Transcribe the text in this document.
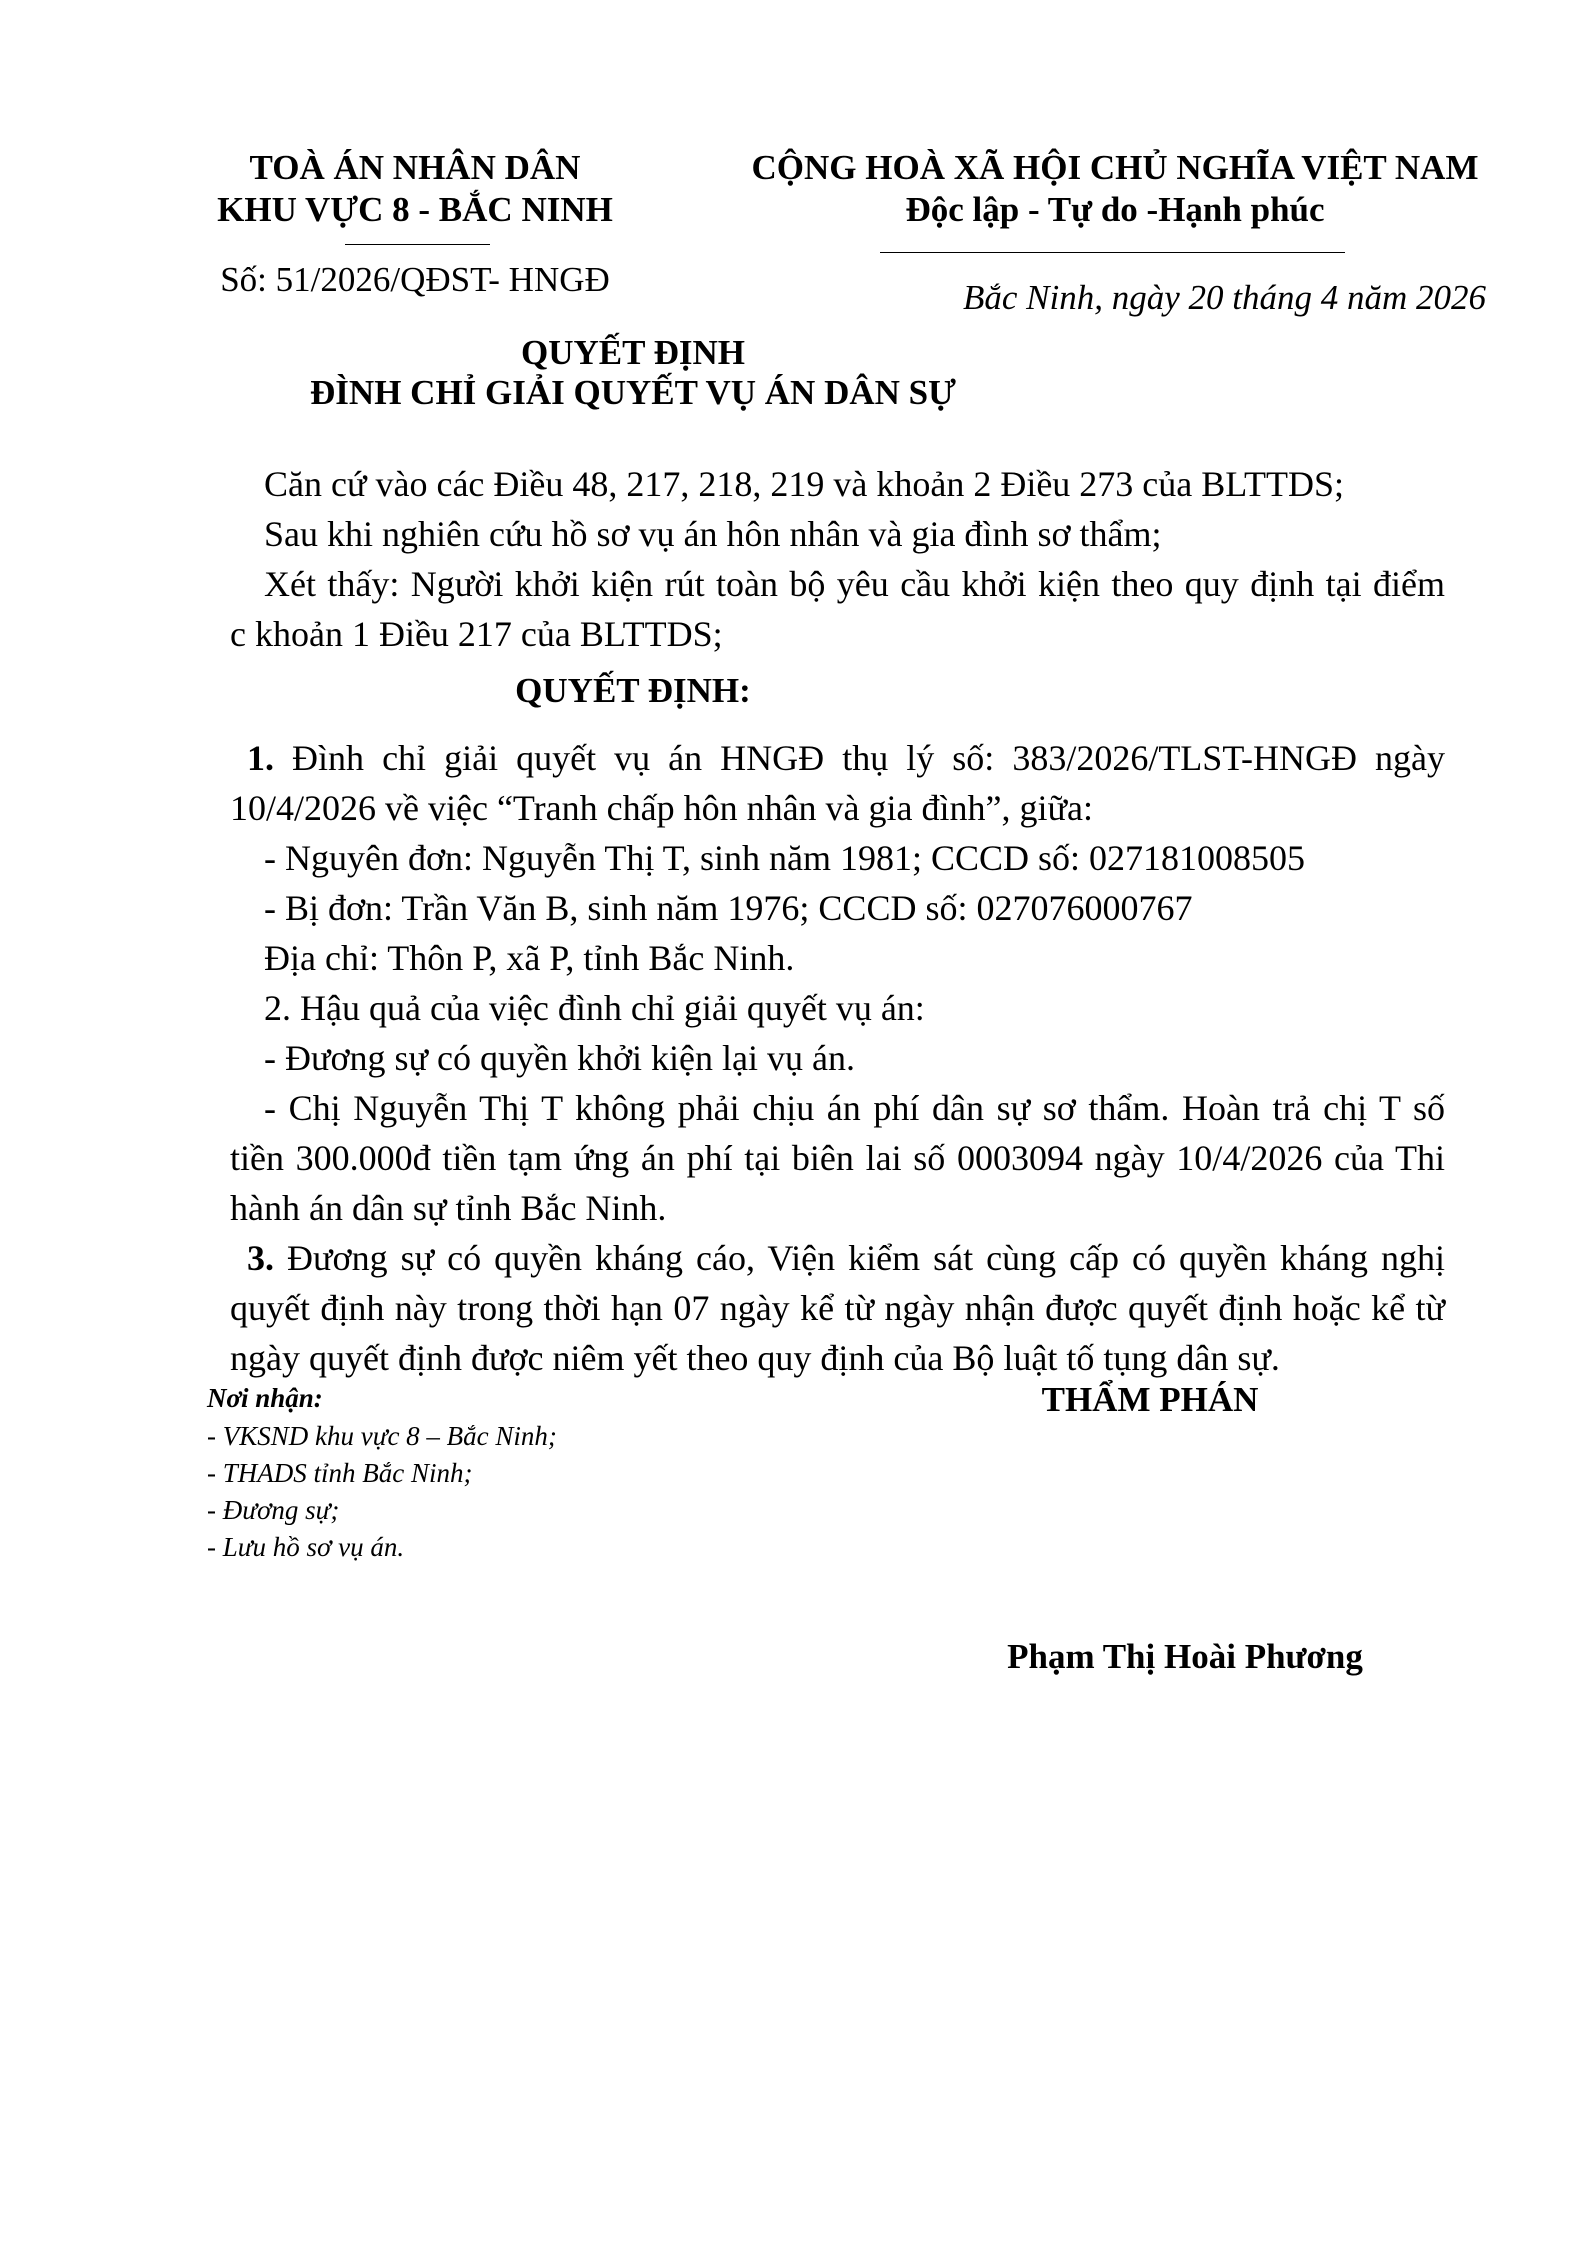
TOÀ ÁN NHÂN DÂN
KHU VỰC 8 - BẮC NINH
Số: 51/2026/QĐST- HNGĐ
CỘNG HOÀ XÃ HỘI CHỦ NGHĨA VIỆT NAM
Độc lập - Tự do -Hạnh phúc
Bắc Ninh, ngày 20 tháng 4 năm 2026
QUYẾT ĐỊNH
ĐÌNH CHỈ GIẢI QUYẾT VỤ ÁN DÂN SỰ
Căn cứ vào các Điều 48, 217, 218, 219 và khoản 2 Điều 273 của BLTTDS;
Sau khi nghiên cứu hồ sơ vụ án hôn nhân và gia đình sơ thẩm;
Xét thấy: Người khởi kiện rút toàn bộ yêu cầu khởi kiện theo quy định tại điểm
c khoản 1 Điều 217 của BLTTDS;
QUYẾT ĐỊNH:
1. Đình chỉ giải quyết vụ án HNGĐ thụ lý số: 383/2026/TLST-HNGĐ ngày
10/4/2026 về việc “Tranh chấp hôn nhân và gia đình”, giữa:
- Nguyên đơn: Nguyễn Thị T, sinh năm 1981; CCCD số: 027181008505
- Bị đơn: Trần Văn B, sinh năm 1976; CCCD số: 027076000767
Địa chỉ: Thôn P, xã P, tỉnh Bắc Ninh.
2. Hậu quả của việc đình chỉ giải quyết vụ án:
- Đương sự có quyền khởi kiện lại vụ án.
- Chị Nguyễn Thị T không phải chịu án phí dân sự sơ thẩm. Hoàn trả chị T số
tiền 300.000đ tiền tạm ứng án phí tại biên lai số 0003094 ngày 10/4/2026 của Thi
hành án dân sự tỉnh Bắc Ninh.
3. Đương sự có quyền kháng cáo, Viện kiểm sát cùng cấp có quyền kháng nghị
quyết định này trong thời hạn 07 ngày kể từ ngày nhận được quyết định hoặc kể từ
ngày quyết định được niêm yết theo quy định của Bộ luật tố tụng dân sự.
Nơi nhận:
- VKSND khu vực 8 – Bắc Ninh;
- THADS tỉnh Bắc Ninh;
- Đương sự;
- Lưu hồ sơ vụ án.
THẨM PHÁN
Phạm Thị Hoài Phương
